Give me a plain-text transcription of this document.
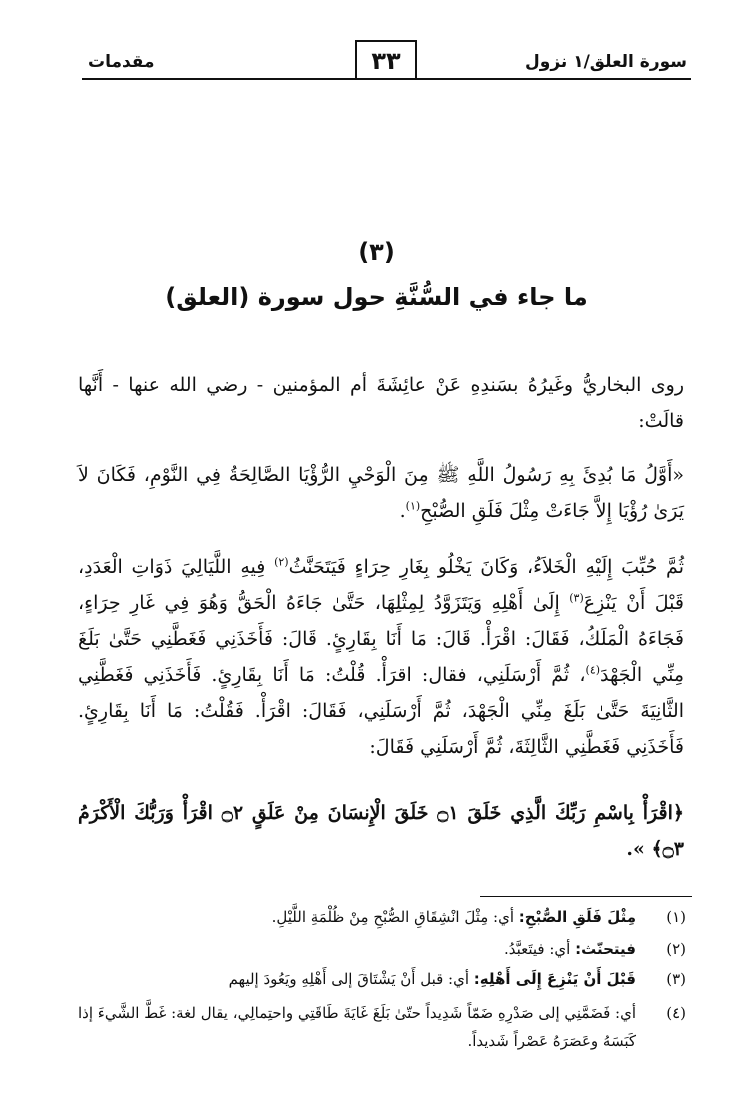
مقدمات	٣٣	سورة العلق/١ نزول
(٣)
ما جاء في السُّنَّةِ حول سورة (العلق)
روى البخاريُّ وغَيرُهُ بسَندِهِ عَنْ عائِشَةَ أم المؤمنين - رضي الله عنها - أَنَّها قالَتْ:
«أَوَّلُ مَا بُدِئَ بِهِ رَسُولُ اللَّهِ ﷺ مِنَ الْوَحْيِ الرُّؤْيَا الصَّالِحَةُ فِي النَّوْمِ، فَكَانَ لاَ يَرَىٰ رُؤْيَا إِلاَّ جَاءَتْ مِثْلَ فَلَقِ الصُّبْحِ$^{(١)}$.
ثُمَّ حُبِّبَ إِلَيْهِ الْخَلاَءُ، وَكَانَ يَخْلُو بِغَارِ حِرَاءٍ فَيَتَحَنَّثُ$^{(٢)}$ فِيهِ اللَّيَالِيَ ذَوَاتِ الْعَدَدِ، قَبْلَ أَنْ يَنْزِعَ$^{(٣)}$ إِلَىٰ أَهْلِهِ وَيَتَزَوَّدُ لِمِثْلِهَا، حَتَّىٰ جَاءَهُ الْحَقُّ وَهُوَ فِي غَارِ حِرَاءٍ، فَجَاءَهُ الْمَلَكُ، فَقَالَ: اقْرَأْ. قَالَ: مَا أَنَا بِقَارِئٍ. قَالَ: فَأَخَذَنِي فَغَطَّنِي حَتَّىٰ بَلَغَ مِنِّي الْجَهْدَ$^{(٤)}$، ثُمَّ أَرْسَلَنِي، فقال: اقرَأْ. قُلْتُ: مَا أَنَا بِقَارِئٍ. فَأَخَذَنِي فَغَطَّنِي الثَّانِيَةَ حَتَّىٰ بَلَغَ مِنِّي الْجَهْدَ، ثُمَّ أَرْسَلَنِي، فَقَالَ: اقْرَأْ. فَقُلْتُ: مَا أَنَا بِقَارِئٍ. فَأَخَذَنِي فَغَطَّنِي الثَّالِثَةَ، ثُمَّ أَرْسَلَنِي فَقَالَ:
﴿اقْرَأْ بِاسْمِ رَبِّكَ الَّذِي خَلَقَ ۝١ خَلَقَ الْإِنسَانَ مِنْ عَلَقٍ ۝٢ اقْرَأْ وَرَبُّكَ الْأَكْرَمُ ۝٣﴾ ».
(١)
مِثْلَ فَلَقِ الصُّبْحِ: أي: مِثْلَ انْشِقَاقِ الصُّبْحِ مِنْ ظُلْمَةِ اللَّيْلِ.
(٢)
فيتحنّث: أي: فيتَعبَّدُ.
(٣)
قَبْلَ أَنْ يَنْزِعَ إِلَى أَهْلِهِ: أي: قبل أَنْ يَشْتَاقَ إلى أَهْلِهِ ويَعُودَ إليهم
(٤)
أي: فَضَمَّنِي إلى صَدْرِهِ ضَمّاً شَدِيداً حتّىٰ بَلَغَ غَايَةَ طَاقَتِي واحتِمالِي، يقال لغة: غَطَّ الشَّيءَ إذا كَبَسَهُ وعَصَرَهُ عَصْراً شَديداً.
